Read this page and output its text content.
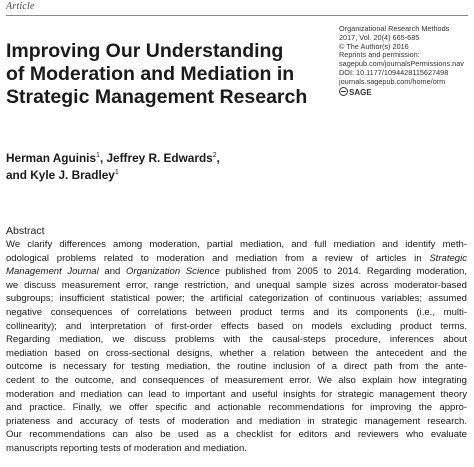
Article
Improving Our Understanding
of Moderation and Mediation in
Strategic Management Research
Organizational Research Methods
2017, Vol. 20(4) 665-685
© The Author(s) 2016
Reprints and permission:
sagepub.com/journalsPermissions.nav
DOI: 10.1177/1094428115627498
journals.sagepub.com/home/orm
SAGE
Herman Aguinis$^1$, Jeffrey R. Edwards$^2$,
and Kyle J. Bradley$^1$
Abstract
We clarify differences among moderation, partial mediation, and full mediation and identify meth-
odological problems related to moderation and mediation from a review of articles in Strategic
Management Journal and Organization Science published from 2005 to 2014. Regarding moderation,
we discuss measurement error, range restriction, and unequal sample sizes across moderator-based
subgroups; insufficient statistical power; the artificial categorization of continuous variables; assumed
negative consequences of correlations between product terms and its components (i.e., multi-
collinearity); and interpretation of first-order effects based on models excluding product terms.
Regarding mediation, we discuss problems with the causal-steps procedure, inferences about
mediation based on cross-sectional designs, whether a relation between the antecedent and the
outcome is necessary for testing mediation, the routine inclusion of a direct path from the ante-
cedent to the outcome, and consequences of measurement error. We also explain how integrating
moderation and mediation can lead to important and useful insights for strategic management theory
and practice. Finally, we offer specific and actionable recommendations for improving the appro-
priateness and accuracy of tests of moderation and mediation in strategic management research.
Our recommendations can also be used as a checklist for editors and reviewers who evaluate
manuscripts reporting tests of moderation and mediation.
